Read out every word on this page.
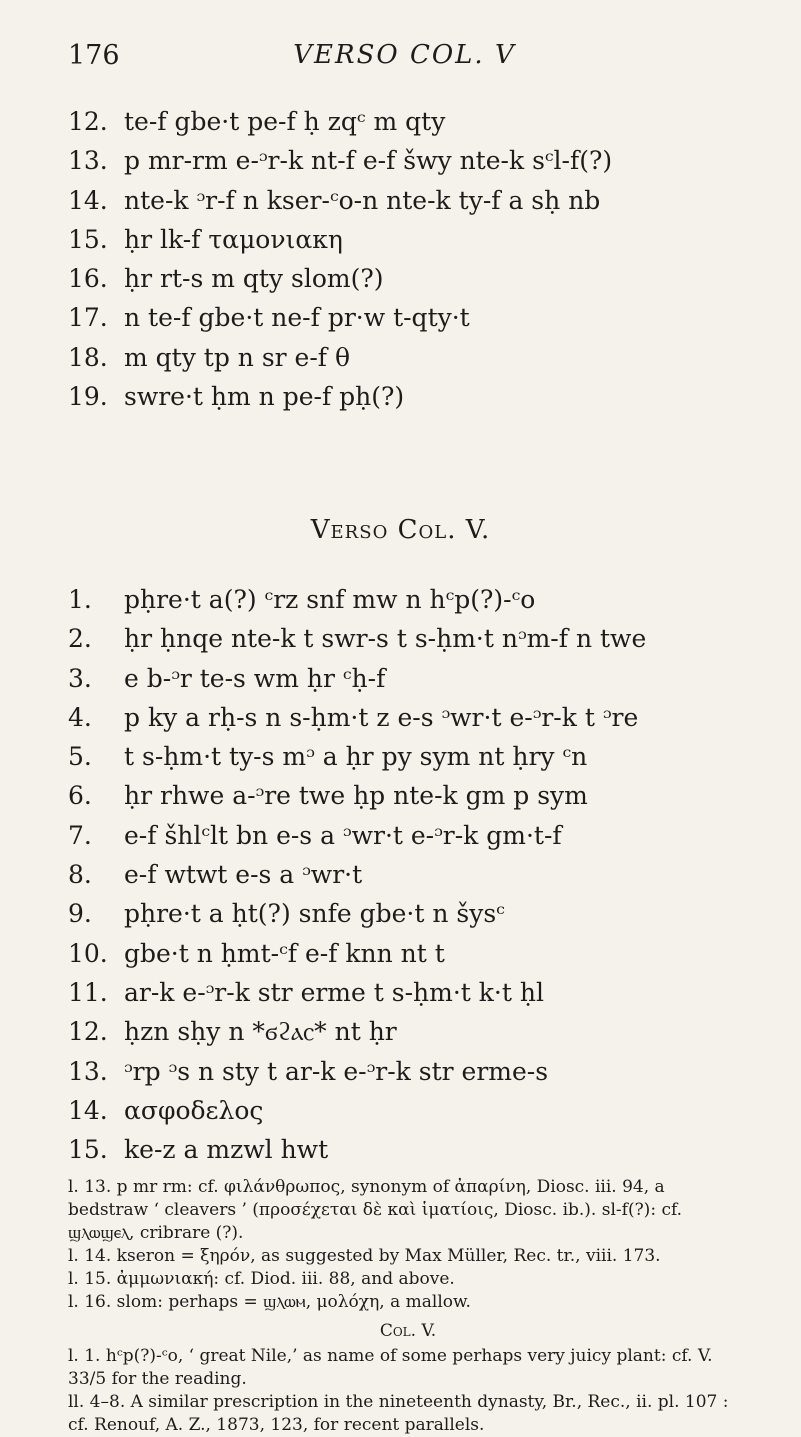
176	VERSO COL. V
12. te-f gbe·t pe-f ḥ zqᶜ m qty
13. p mr-rm e-ᵓr-k nt-f e-f šwy nte-k sᶜl-f(?)
14. nte-k ᵓr-f n kser-ᶜo-n nte-k ty-f a sḥ nb
15. ḥr lk-f ταμονιακη
16. ḥr rt-s m qty slom(?)
17. n te-f gbe·t ne-f pr·w t-qty·t
18. m qty tp n sr e-f θ
19. swre·t ḥm n pe-f pḥ(?)
Verso Col. V.
1. pḥre·t a(?) ᶜrz snf mw n hᶜp(?)-ᶜo
2. ḥr ḥnqe nte-k t swr-s t s-ḥm·t nᵓm-f n twe
3. e b-ᵓr te-s wm ḥr ᶜḥ-f
4. p ky a rḥ-s n s-ḥm·t z e-s ᵓwr·t e-ᵓr-k t ᵓre
5. t s-ḥm·t ty-s mᵓ a ḥr py sym nt ḥry ᶜn
6. ḥr rhwe a-ᵓre twe ḥp nte-k gm p sym
7. e-f šhlᶜlt bn e-s a ᵓwr·t e-ᵓr-k gm·t-f
8. e-f wtwt e-s a ᵓwr·t
9. pḥre·t a ḥt(?) snfe gbe·t n šysᶜ
10. gbe·t n ḥmt-ᶜf e-f knn nt t
11. ar-k e-ᵓr-k str erme t s-ḥm·t k·t ḥl
12. ḥzn sḥy n *ϭϩⲁⲥ* nt ḥr
13. ᵓrp ᵓs n sty t ar-k e-ᵓr-k str erme-s
14. ασφοδελος
15. ke-z a mzwl hwt

l. 13. p mr rm: cf. φιλάνθρωπος, synonym of ἀπαρίνη, Diosc. iii. 94, a bedstraw ‘ cleavers ’ (προσέχεται δὲ καὶ ἱματίοις, Diosc. ib.). sl-f(?): cf. ϣⲗⲱϣⲉⲗ, cribrare (?).

l. 14. kseron = ξηρόν, as suggested by Max Müller, Rec. tr., viii. 173.

l. 15. ἀμμωνιακή: cf. Diod. iii. 88, and above.

l. 16. slom: perhaps = ϣⲗⲱⲙ, μολόχη, a mallow.

Col. V.

l. 1. hᶜp(?)-ᶜo, ‘ great Nile,’ as name of some perhaps very juicy plant: cf. V. 33/5 for the reading.

ll. 4–8. A similar prescription in the nineteenth dynasty, Br., Rec., ii. pl. 107 : cf. Renouf, A. Z., 1873, 123, for recent parallels.
